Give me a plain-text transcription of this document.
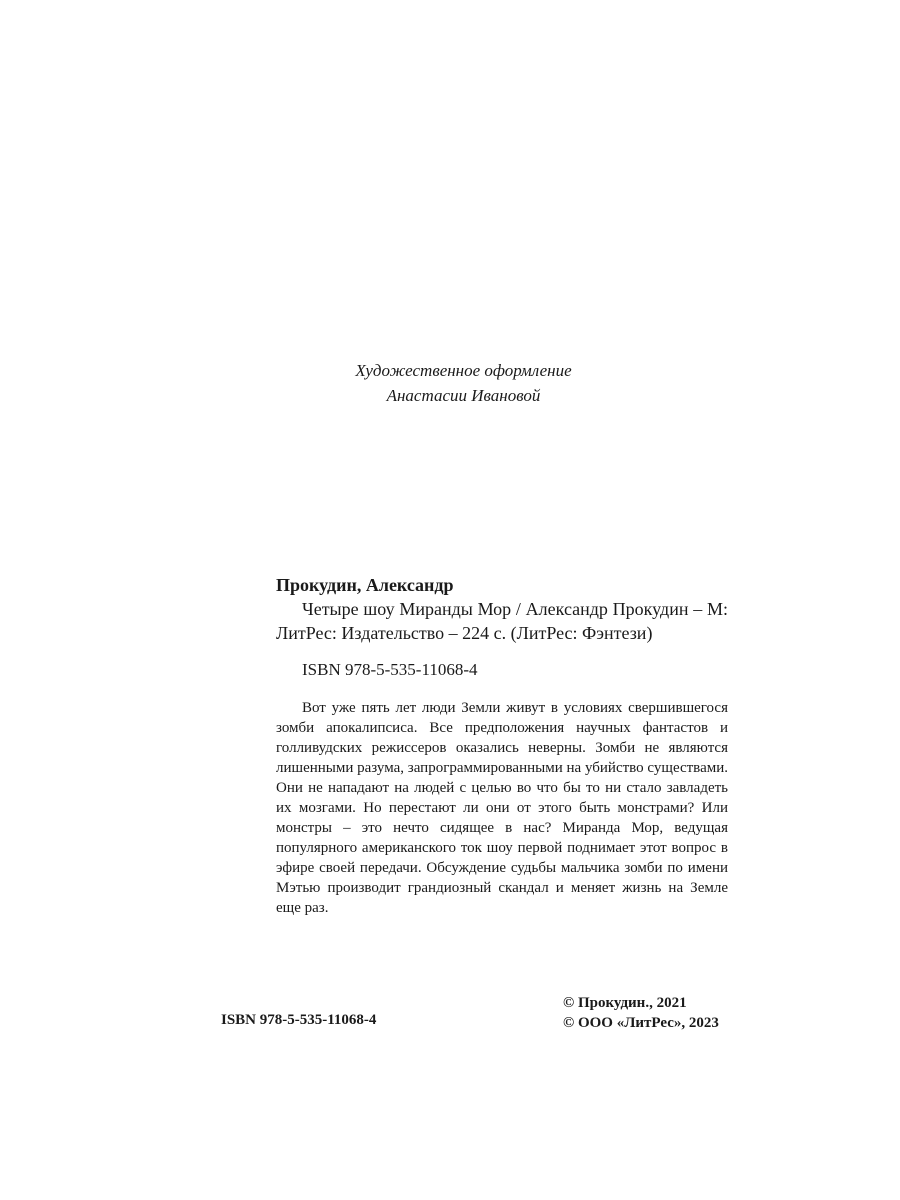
Художественное оформление
Анастасии Ивановой

Прокудин, Александр

Четыре шоу Миранды Мор / Александр Прокудин – М: ЛитРес: Издательство – 224 с. (ЛитРес: Фэнтези)

ISBN 978-5-535-11068-4

Вот уже пять лет люди Земли живут в условиях свершившегося зомби апокалипсиса. Все предположения научных фантастов и голливудских режиссеров оказались неверны. Зомби не являются лишенными разума, запрограммированными на убийство существами. Они не нападают на людей с целью во что бы то ни стало завладеть их мозгами. Но перестают ли они от этого быть монстрами? Или монстры – это нечто сидящее в нас? Миранда Мор, ведущая популярного американского ток шоу первой поднимает этот вопрос в эфире своей передачи. Обсуждение судьбы мальчика зомби по имени Мэтью производит грандиозный скандал и меняет жизнь на Земле еще раз.

ISBN 978-5-535-11068-4
© Прокудин., 2021
© ООО «ЛитРес», 2023
